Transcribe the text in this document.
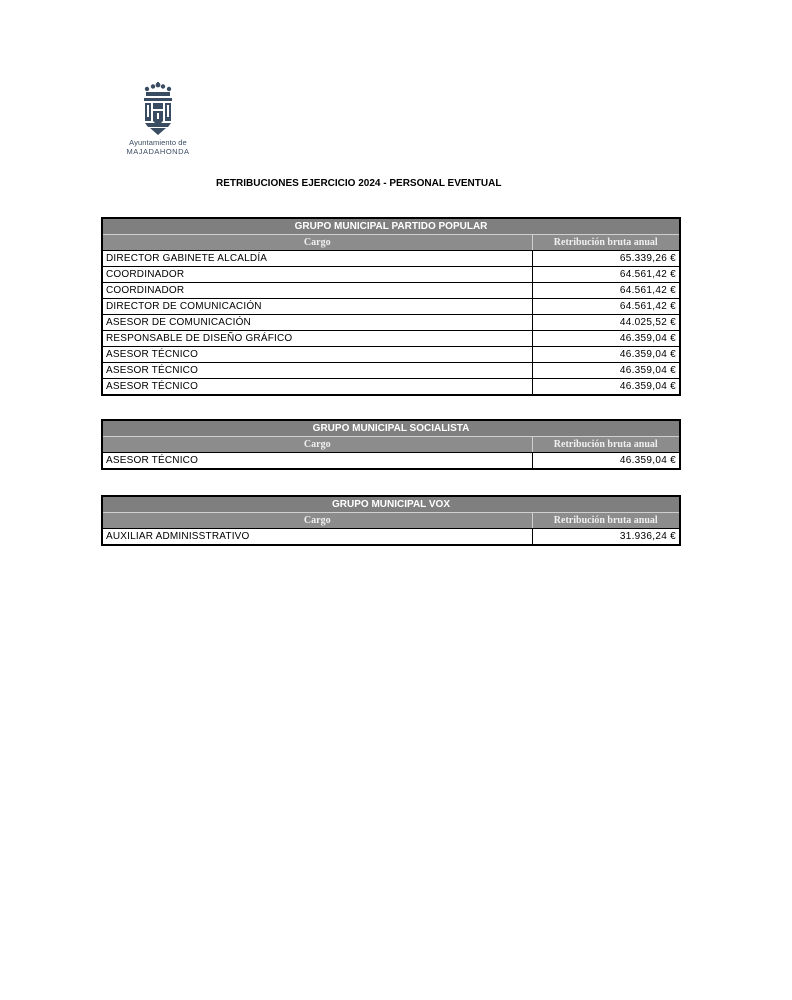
Ayuntamiento de
MAJADAHONDA
RETRIBUCIONES EJERCICIO 2024 - PERSONAL EVENTUAL
GRUPO MUNICIPAL PARTIDO POPULAR	
Cargo	Retribución bruta anual
DIRECTOR GABINETE ALCALDÍA	65.339,26 €
COORDINADOR	64.561,42 €
COORDINADOR	64.561,42 €
DIRECTOR DE COMUNICACIÓN	64.561,42 €
ASESOR DE COMUNICACIÓN	44.025,52 €
RESPONSABLE DE DISEÑO GRÁFICO	46.359,04 €
ASESOR TÉCNICO	46.359,04 €
ASESOR TÉCNICO	46.359,04 €
ASESOR TÉCNICO	46.359,04 €
GRUPO MUNICIPAL SOCIALISTA	
Cargo	Retribución bruta anual
ASESOR TÉCNICO	46.359,04 €
GRUPO MUNICIPAL VOX	
Cargo	Retribución bruta anual
AUXILIAR ADMINISSTRATIVO	31.936,24 €
